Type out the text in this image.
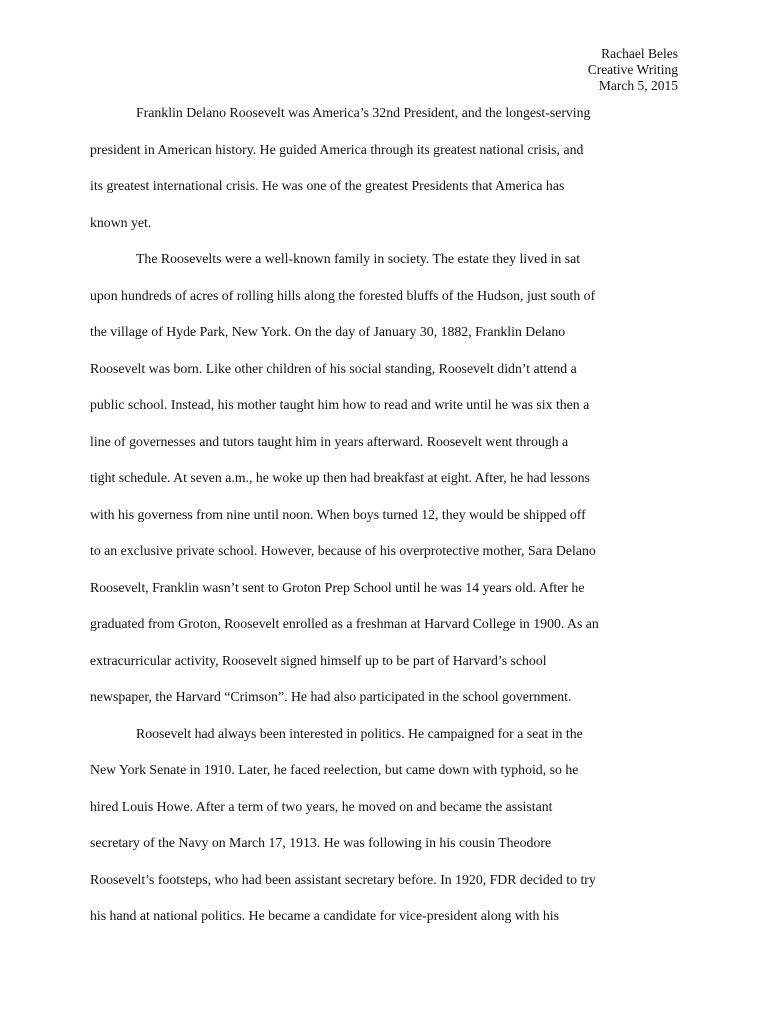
Rachael Beles
Creative Writing
March 5, 2015
Franklin Delano Roosevelt was America’s 32nd President, and the longest-serving
president in American history. He guided America through its greatest national crisis, and
its greatest international crisis. He was one of the greatest Presidents that America has
known yet.
The Roosevelts were a well-known family in society. The estate they lived in sat
upon hundreds of acres of rolling hills along the forested bluffs of the Hudson, just south of
the village of Hyde Park, New York. On the day of January 30, 1882, Franklin Delano
Roosevelt was born. Like other children of his social standing, Roosevelt didn’t attend a
public school. Instead, his mother taught him how to read and write until he was six then a
line of governesses and tutors taught him in years afterward. Roosevelt went through a
tight schedule. At seven a.m., he woke up then had breakfast at eight. After, he had lessons
with his governess from nine until noon. When boys turned 12, they would be shipped off
to an exclusive private school. However, because of his overprotective mother, Sara Delano
Roosevelt, Franklin wasn’t sent to Groton Prep School until he was 14 years old. After he
graduated from Groton, Roosevelt enrolled as a freshman at Harvard College in 1900. As an
extracurricular activity, Roosevelt signed himself up to be part of Harvard’s school
newspaper, the Harvard “Crimson”. He had also participated in the school government.
Roosevelt had always been interested in politics. He campaigned for a seat in the
New York Senate in 1910. Later, he faced reelection, but came down with typhoid, so he
hired Louis Howe. After a term of two years, he moved on and became the assistant
secretary of the Navy on March 17, 1913. He was following in his cousin Theodore
Roosevelt’s footsteps, who had been assistant secretary before. In 1920, FDR decided to try
his hand at national politics. He became a candidate for vice-president along with his
